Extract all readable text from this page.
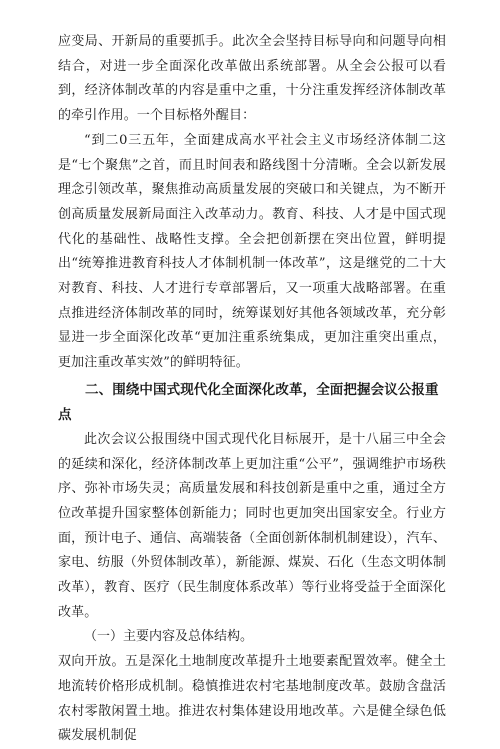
应变局、开新局的重要抓手。此次全会坚持目标导向和问题导向相结合，对进一步全面深化改革做出系统部署。从全会公报可以看到，经济体制改革的内容是重中之重，十分注重发挥经济体制改革的牵引作用。一个目标格外醒目：

“到二0三五年，全面建成高水平社会主义市场经济体制二这是“七个聚焦”之首，而且时间表和路线图十分清晰。全会以新发展理念引领改革，聚焦推动高质量发展的突破口和关键点，为不断开创高质量发展新局面注入改革动力。教育、科技、人才是中国式现代化的基础性、战略性支撑。全会把创新摆在突出位置，鲜明提出“统筹推进教育科技人才体制机制一体改革”，这是继党的二十大对教育、科技、人才进行专章部署后，又一项重大战略部署。在重点推进经济体制改革的同时，统筹谋划好其他各领域改革，充分彰显进一步全面深化改革“更加注重系统集成，更加注重突出重点，更加注重改革实效”的鲜明特征。

二、围绕中国式现代化全面深化改革，全面把握会议公报重点

此次会议公报围绕中国式现代化目标展开，是十八届三中全会的延续和深化，经济体制改革上更加注重“公平”，强调维护市场秩序、弥补市场失灵；高质量发展和科技创新是重中之重，通过全方位改革提升国家整体创新能力；同时也更加突出国家安全。行业方面，预计电子、通信、高端装备（全面创新体制机制建设），汽车、家电、纺服（外贸体制改革），新能源、煤炭、石化（生态文明体制改革），教育、医疗（民生制度体系改革）等行业将受益于全面深化改革。

（一）主要内容及总体结构。

双向开放。五是深化土地制度改革提升土地要素配置效率。健全土地流转价格形成机制。稳慎推进农村宅基地制度改革。鼓励含盘活农村零散闲置土地。推进农村集体建设用地改革。六是健全绿色低碳发展机制促
